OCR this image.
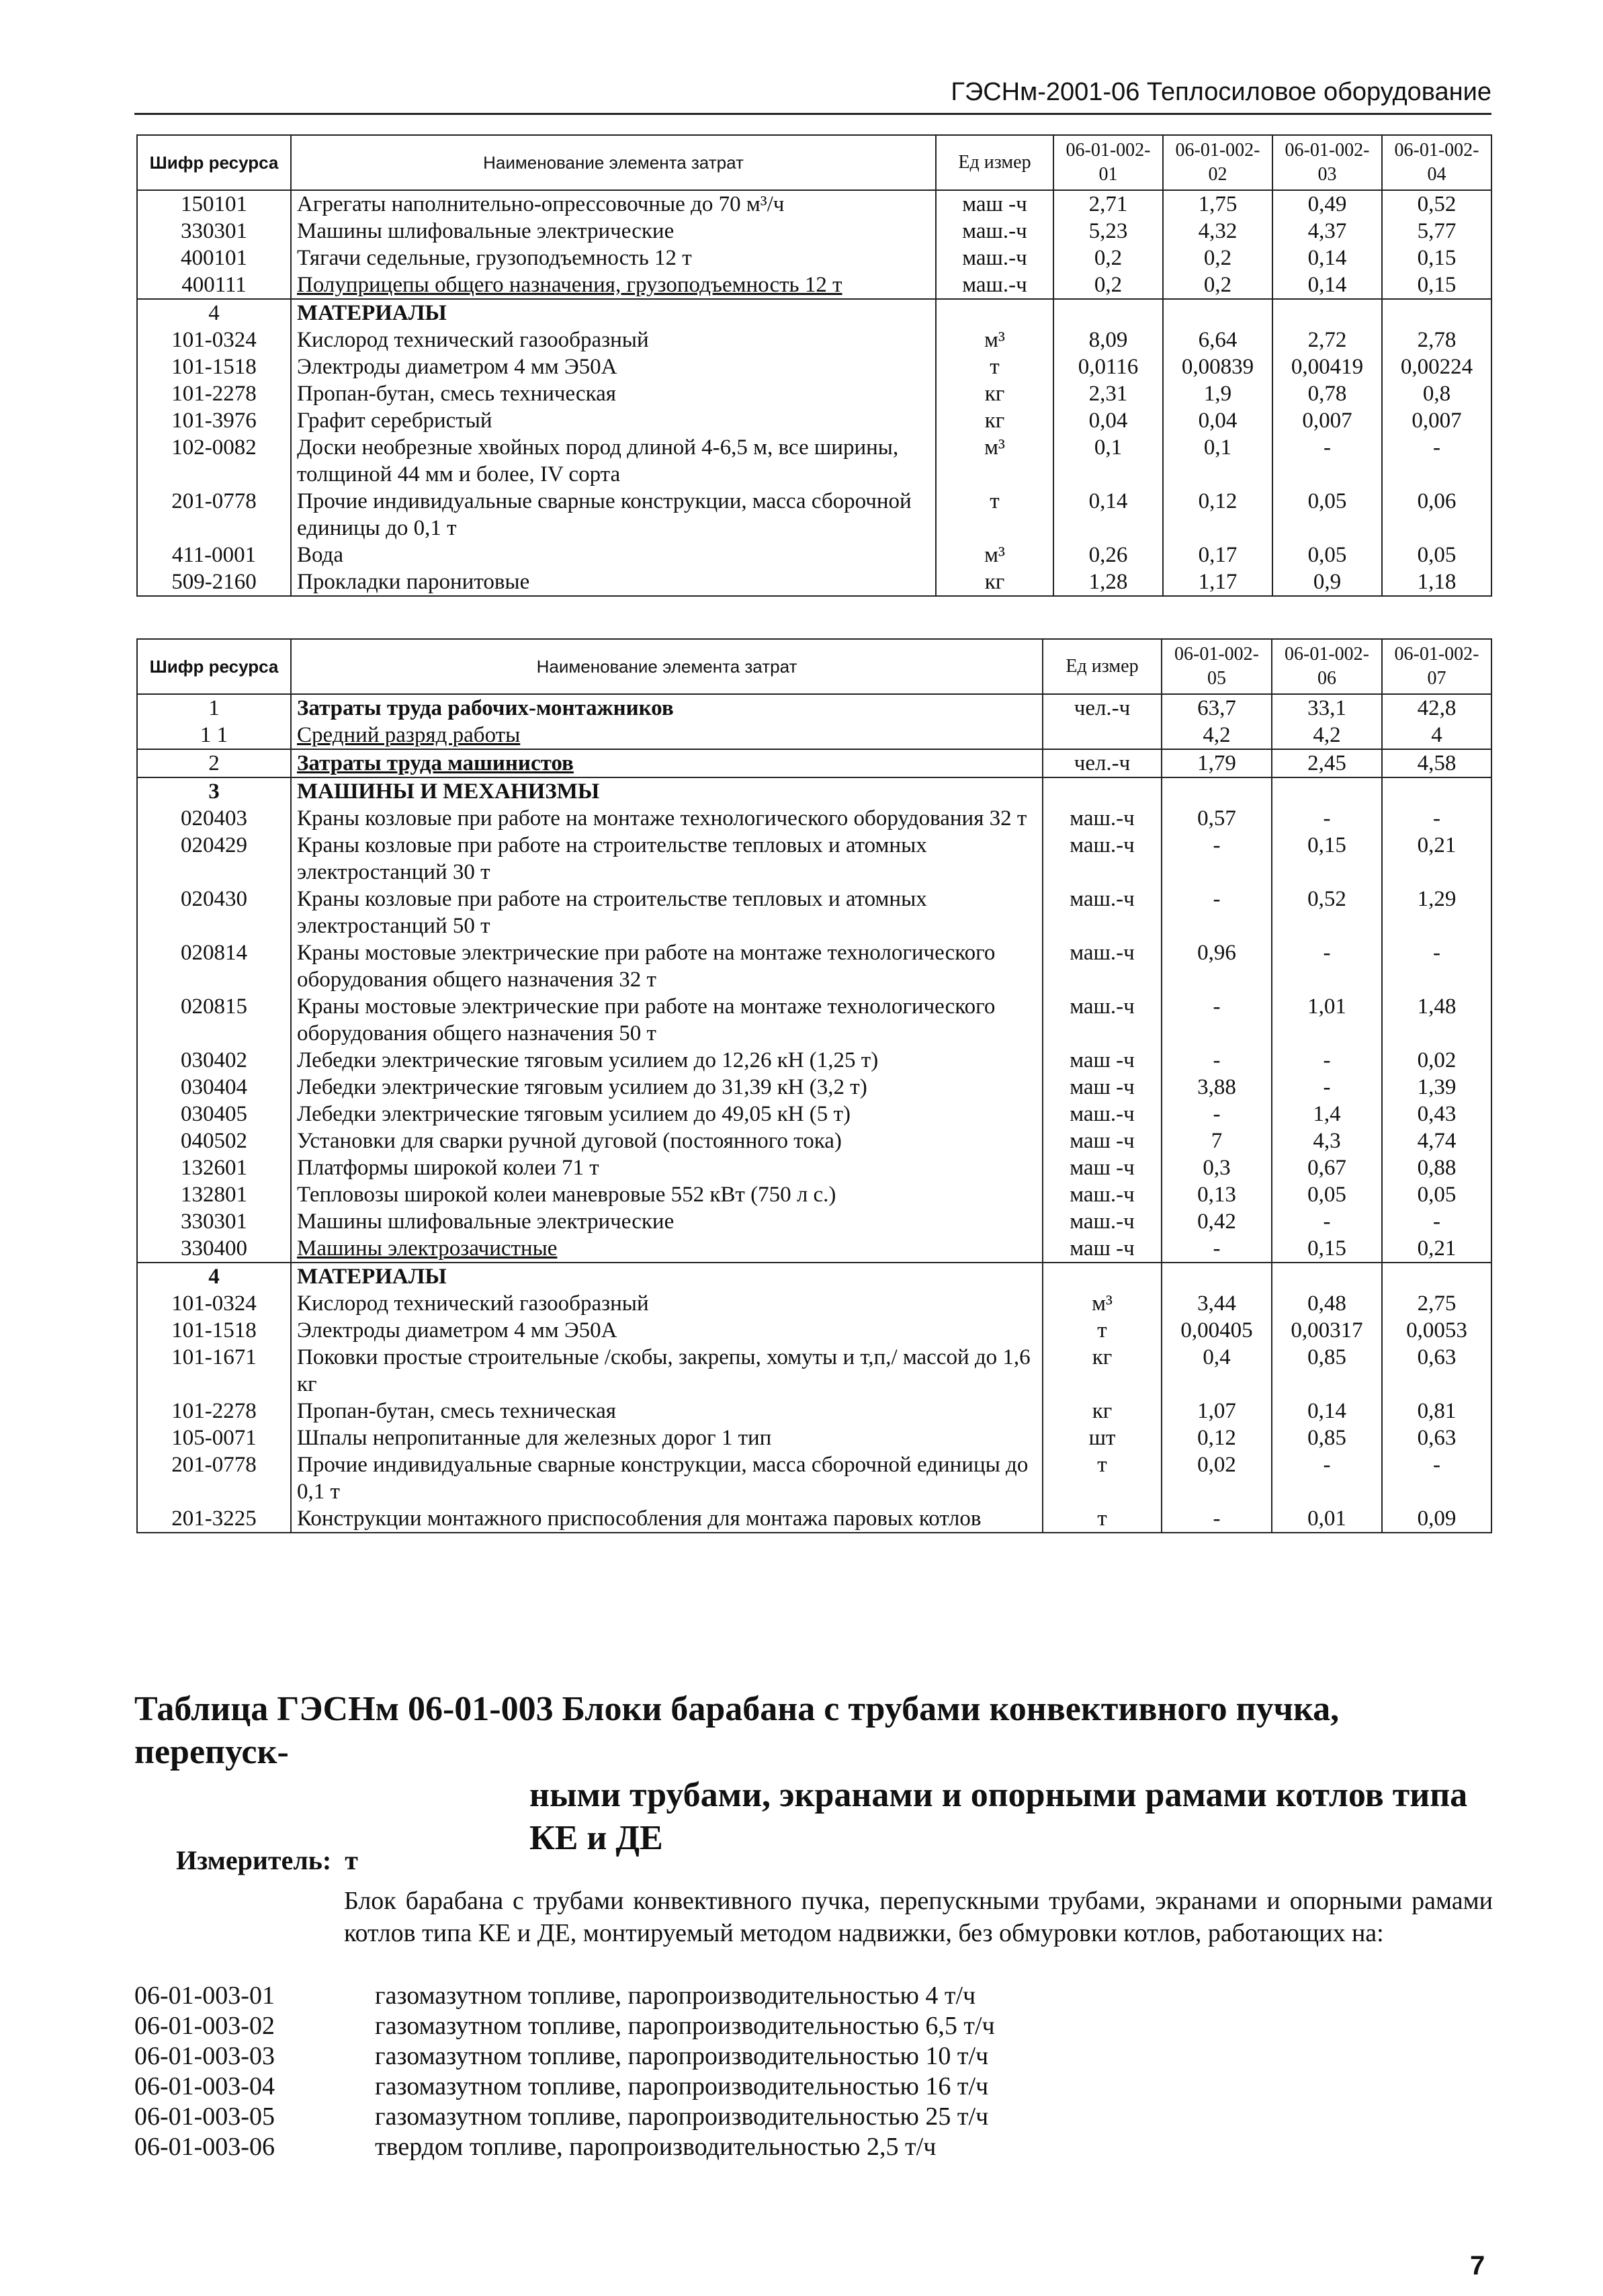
ГЭСНм-2001-06 Теплосиловое оборудование
Шифр ресурса	Наименование элемента затрат	Ед измер	06-01-002-01	06-01-002-02	06-01-002-03	06-01-002-04
150101	Агрегаты наполнительно-опрессовочные до 70 м³/ч	маш -ч	2,71	1,75	0,49	0,52
330301	Машины шлифовальные электрические	маш.-ч	5,23	4,32	4,37	5,77
400101	Тягачи седельные, грузоподъемность 12 т	маш.-ч	0,2	0,2	0,14	0,15
400111	Полуприцепы общего назначения, грузоподъемность 12 т	маш.-ч	0,2	0,2	0,14	0,15
4	МАТЕРИАЛЫ					
101-0324	Кислород технический газообразный	м³	8,09	6,64	2,72	2,78
101-1518	Электроды диаметром 4 мм Э50А	т	0,0116	0,00839	0,00419	0,00224
101-2278	Пропан-бутан, смесь техническая	кг	2,31	1,9	0,78	0,8
101-3976	Графит серебристый	кг	0,04	0,04	0,007	0,007
102-0082	Доски необрезные хвойных пород длиной 4-6,5 м, все ширины, толщиной 44 мм и более, IV сорта	м³	0,1	0,1	-	-
201-0778	Прочие индивидуальные сварные конструкции, масса сборочной единицы до 0,1 т	т	0,14	0,12	0,05	0,06
411-0001	Вода	м³	0,26	0,17	0,05	0,05
509-2160	Прокладки паронитовые	кг	1,28	1,17	0,9	1,18
Шифр ресурса	Наименование элемента затрат	Ед измер	06-01-002-05	06-01-002-06	06-01-002-07
1	Затраты труда рабочих-монтажников	чел.-ч	63,7	33,1	42,8
1 1	Средний разряд работы		4,2	4,2	4
2	Затраты труда машинистов	чел.-ч	1,79	2,45	4,58
3	МАШИНЫ И МЕХАНИЗМЫ				
020403	Краны козловые при работе на монтаже технологического оборудования 32 т	маш.-ч	0,57	-	-
020429	Краны козловые при работе на строительстве тепловых и атомных электростанций 30 т	маш.-ч	-	0,15	0,21
020430	Краны козловые при работе на строительстве тепловых и атомных электростанций 50 т	маш.-ч	-	0,52	1,29
020814	Краны мостовые электрические при работе на монтаже технологического оборудования общего назначения 32 т	маш.-ч	0,96	-	-
020815	Краны мостовые электрические при работе на монтаже технологического оборудования общего назначения 50 т	маш.-ч	-	1,01	1,48
030402	Лебедки электрические тяговым усилием до 12,26 кН (1,25 т)	маш -ч	-	-	0,02
030404	Лебедки электрические тяговым усилием до 31,39 кН (3,2 т)	маш -ч	3,88	-	1,39
030405	Лебедки электрические тяговым усилием до 49,05 кН (5 т)	маш.-ч	-	1,4	0,43
040502	Установки для сварки ручной дуговой (постоянного тока)	маш -ч	7	4,3	4,74
132601	Платформы широкой колеи 71 т	маш -ч	0,3	0,67	0,88
132801	Тепловозы широкой колеи маневровые 552 кВт (750 л с.)	маш.-ч	0,13	0,05	0,05
330301	Машины шлифовальные электрические	маш.-ч	0,42	-	-
330400	Машины электрозачистные	маш -ч	-	0,15	0,21
4	МАТЕРИАЛЫ				
101-0324	Кислород технический газообразный	м³	3,44	0,48	2,75
101-1518	Электроды диаметром 4 мм Э50А	т	0,00405	0,00317	0,0053
101-1671	Поковки простые строительные /скобы, закрепы, хомуты и т,п,/ массой до 1,6 кг	кг	0,4	0,85	0,63
101-2278	Пропан-бутан, смесь техническая	кг	1,07	0,14	0,81
105-0071	Шпалы непропитанные для железных дорог 1 тип	шт	0,12	0,85	0,63
201-0778	Прочие индивидуальные сварные конструкции, масса сборочной единицы до 0,1 т	т	0,02	-	-
201-3225	Конструкции монтажного приспособления для монтажа паровых котлов	т	-	0,01	0,09
Таблица ГЭСНм 06-01-003 Блоки барабана с трубами конвективного пучка, перепуск-
ными трубами, экранами и опорными рамами котлов типа
КЕ и ДЕ
Измеритель: т
Блок барабана с трубами конвективного пучка, перепускными трубами, экранами и опорными рамами котлов типа КЕ и ДЕ, монтируемый методом надвижки, без обмуровки котлов, работающих на:
06-01-003-01	газомазутном топливе, паропроизводительностью 4 т/ч
06-01-003-02	газомазутном топливе, паропроизводительностью 6,5 т/ч
06-01-003-03	газомазутном топливе, паропроизводительностью 10 т/ч
06-01-003-04	газомазутном топливе, паропроизводительностью 16 т/ч
06-01-003-05	газомазутном топливе, паропроизводительностью 25 т/ч
06-01-003-06	твердом топливе, паропроизводительностью 2,5 т/ч
7
